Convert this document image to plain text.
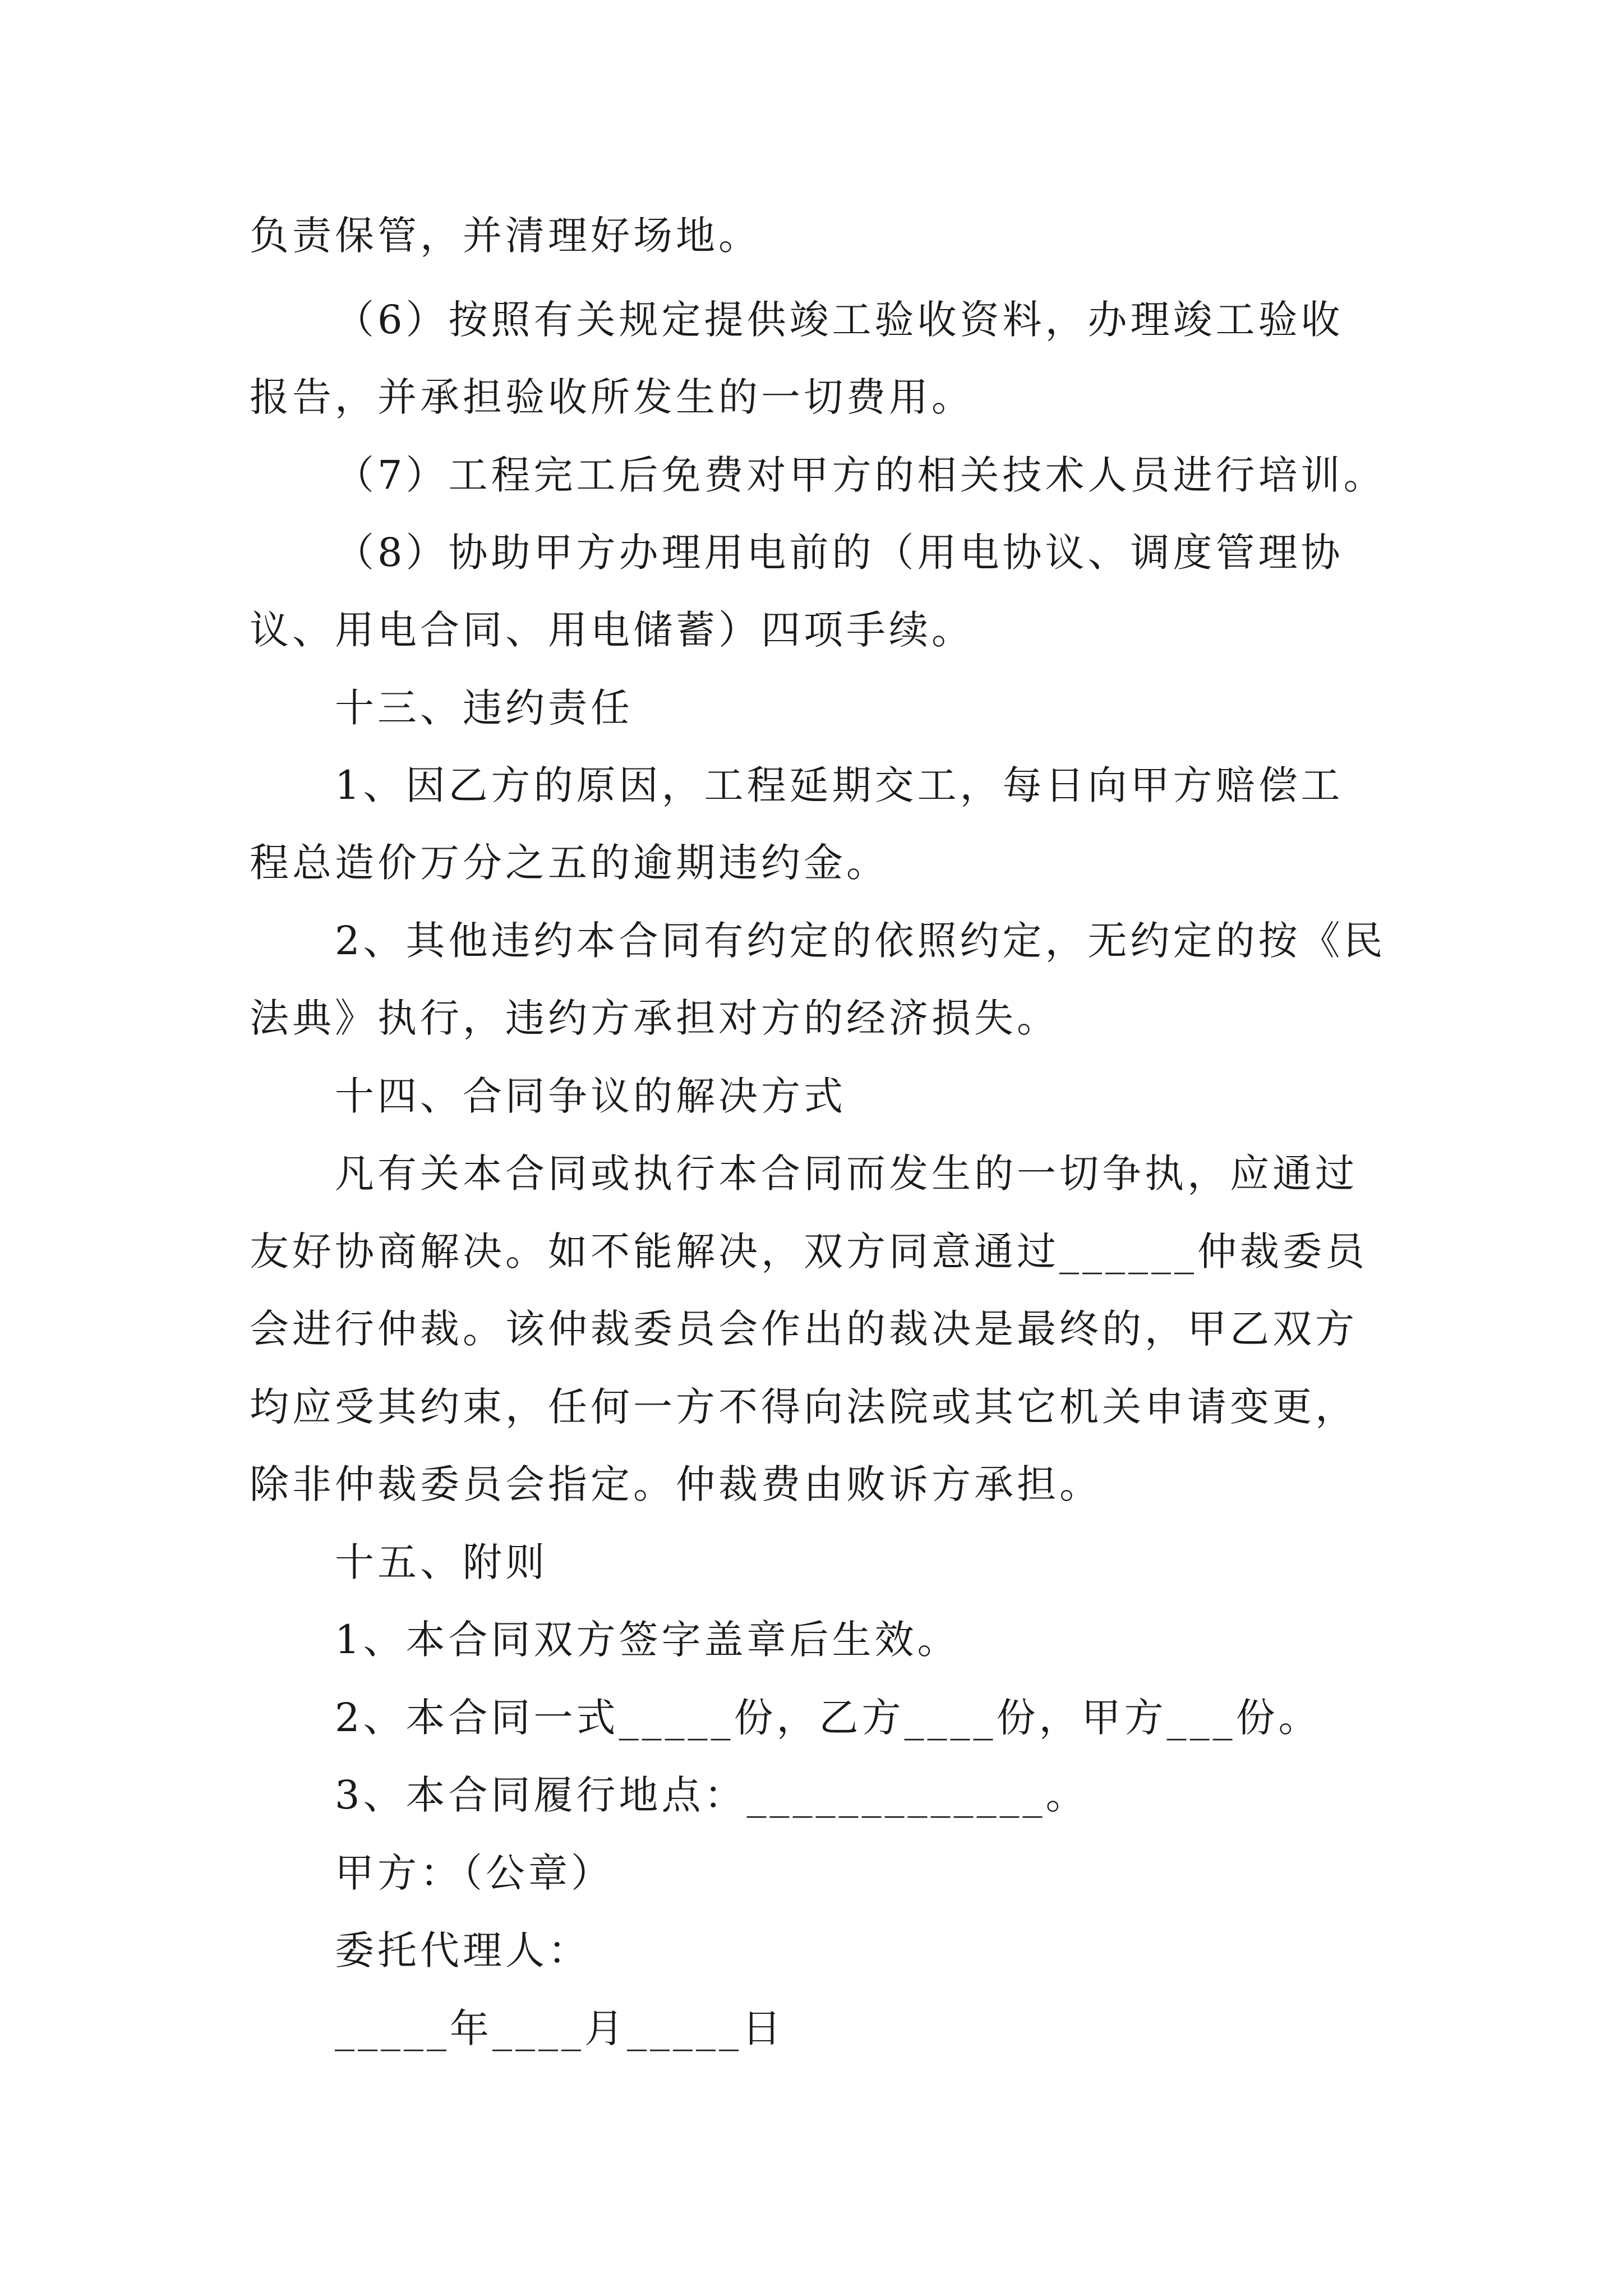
负责保管，并清理好场地。
（6）按照有关规定提供竣工验收资料，办理竣工验收
报告，并承担验收所发生的一切费用。
（7）工程完工后免费对甲方的相关技术人员进行培训。
（8）协助甲方办理用电前的（用电协议、调度管理协
议、用电合同、用电储蓄）四项手续。
十三、违约责任
1、因乙方的原因，工程延期交工，每日向甲方赔偿工
程总造价万分之五的逾期违约金。
2、其他违约本合同有约定的依照约定，无约定的按《民
法典》执行，违约方承担对方的经济损失。
十四、合同争议的解决方式
凡有关本合同或执行本合同而发生的一切争执，应通过
友好协商解决。如不能解决，双方同意通过______仲裁委员
会进行仲裁。该仲裁委员会作出的裁决是最终的，甲乙双方
均应受其约束，任何一方不得向法院或其它机关申请变更，
除非仲裁委员会指定。仲裁费由败诉方承担。
十五、附则
1、本合同双方签字盖章后生效。
2、本合同一式_____份，乙方____份，甲方___份。
3、本合同履行地点：_____________。
甲方：（公章）
委托代理人：
_____年____月_____日
